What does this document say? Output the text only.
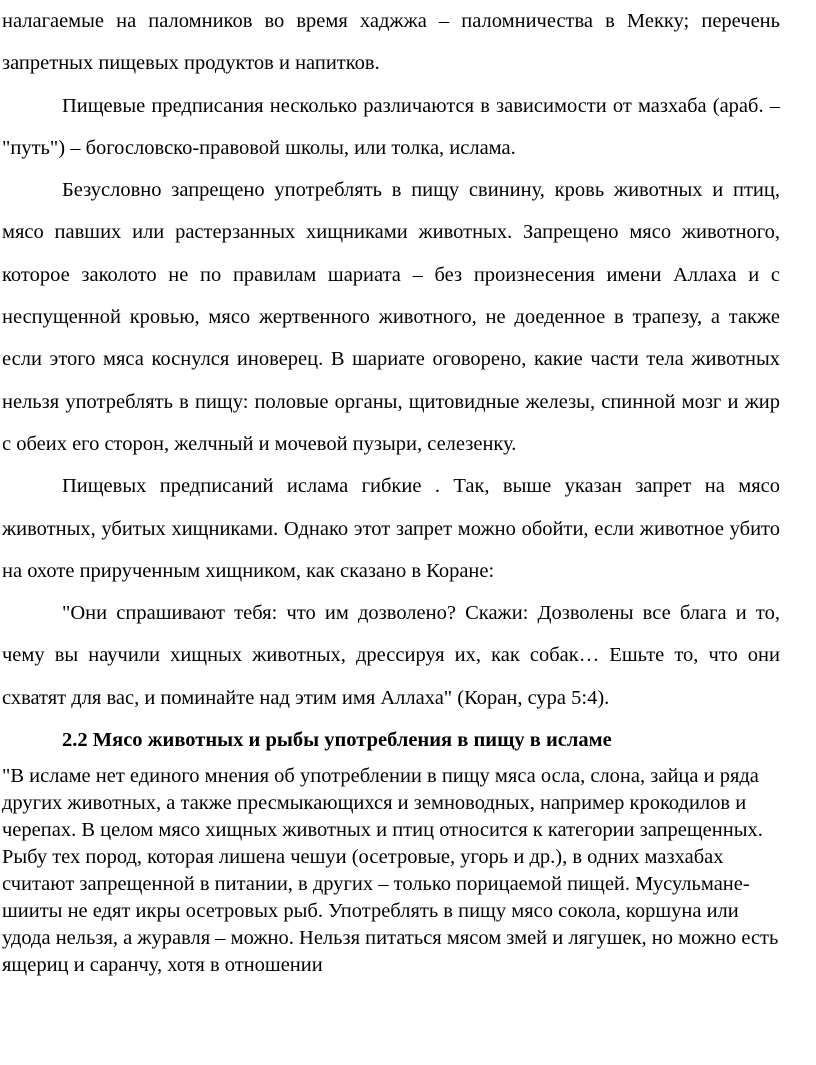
налагаемые на паломников во время хаджжа – паломничества в Мекку; перечень запретных пищевых продуктов и напитков.

Пищевые предписания несколько различаются в зависимости от мазхаба (араб. – "путь") – богословско-правовой школы, или толка, ислама.

Безусловно запрещено употреблять в пищу свинину, кровь животных и птиц, мясо павших или растерзанных хищниками животных. Запрещено мясо животного, которое заколото не по правилам шариата – без произнесения имени Аллаха и с неспущенной кровью, мясо жертвенного животного, не доеденное в трапезу, а также если этого мяса коснулся иноверец. В шариате оговорено, какие части тела животных нельзя употреблять в пищу: половые органы, щитовидные железы, спинной мозг и жир с обеих его сторон, желчный и мочевой пузыри, селезенку.

Пищевых предписаний ислама гибкие . Так, выше указан запрет на мясо животных, убитых хищниками. Однако этот запрет можно обойти, если животное убито на охоте прирученным хищником, как сказано в Коране:

"Они спрашивают тебя: что им дозволено? Скажи: Дозволены все блага и то, чему вы научили хищных животных, дрессируя их, как собак… Ешьте то, что они схватят для вас, и поминайте над этим имя Аллаха" (Коран, сура 5:4).

2.2 Мясо животных и рыбы употребления в пищу в исламе

"В исламе нет единого мнения об употреблении в пищу мяса осла, слона, зайца и ряда других животных, а также пресмыкающихся и земноводных, например крокодилов и черепах. В целом мясо хищных животных и птиц относится к категории запрещенных. Рыбу тех пород, которая лишена чешуи (осетровые, угорь и др.), в одних мазхабах считают запрещенной в питании, в других – только порицаемой пищей. Мусульмане-шииты не едят икры осетровых рыб. Употреблять в пищу мясо сокола, коршуна или удода нельзя, а журавля – можно. Нельзя питаться мясом змей и лягушек, но можно есть ящериц и саранчу, хотя в отношении
